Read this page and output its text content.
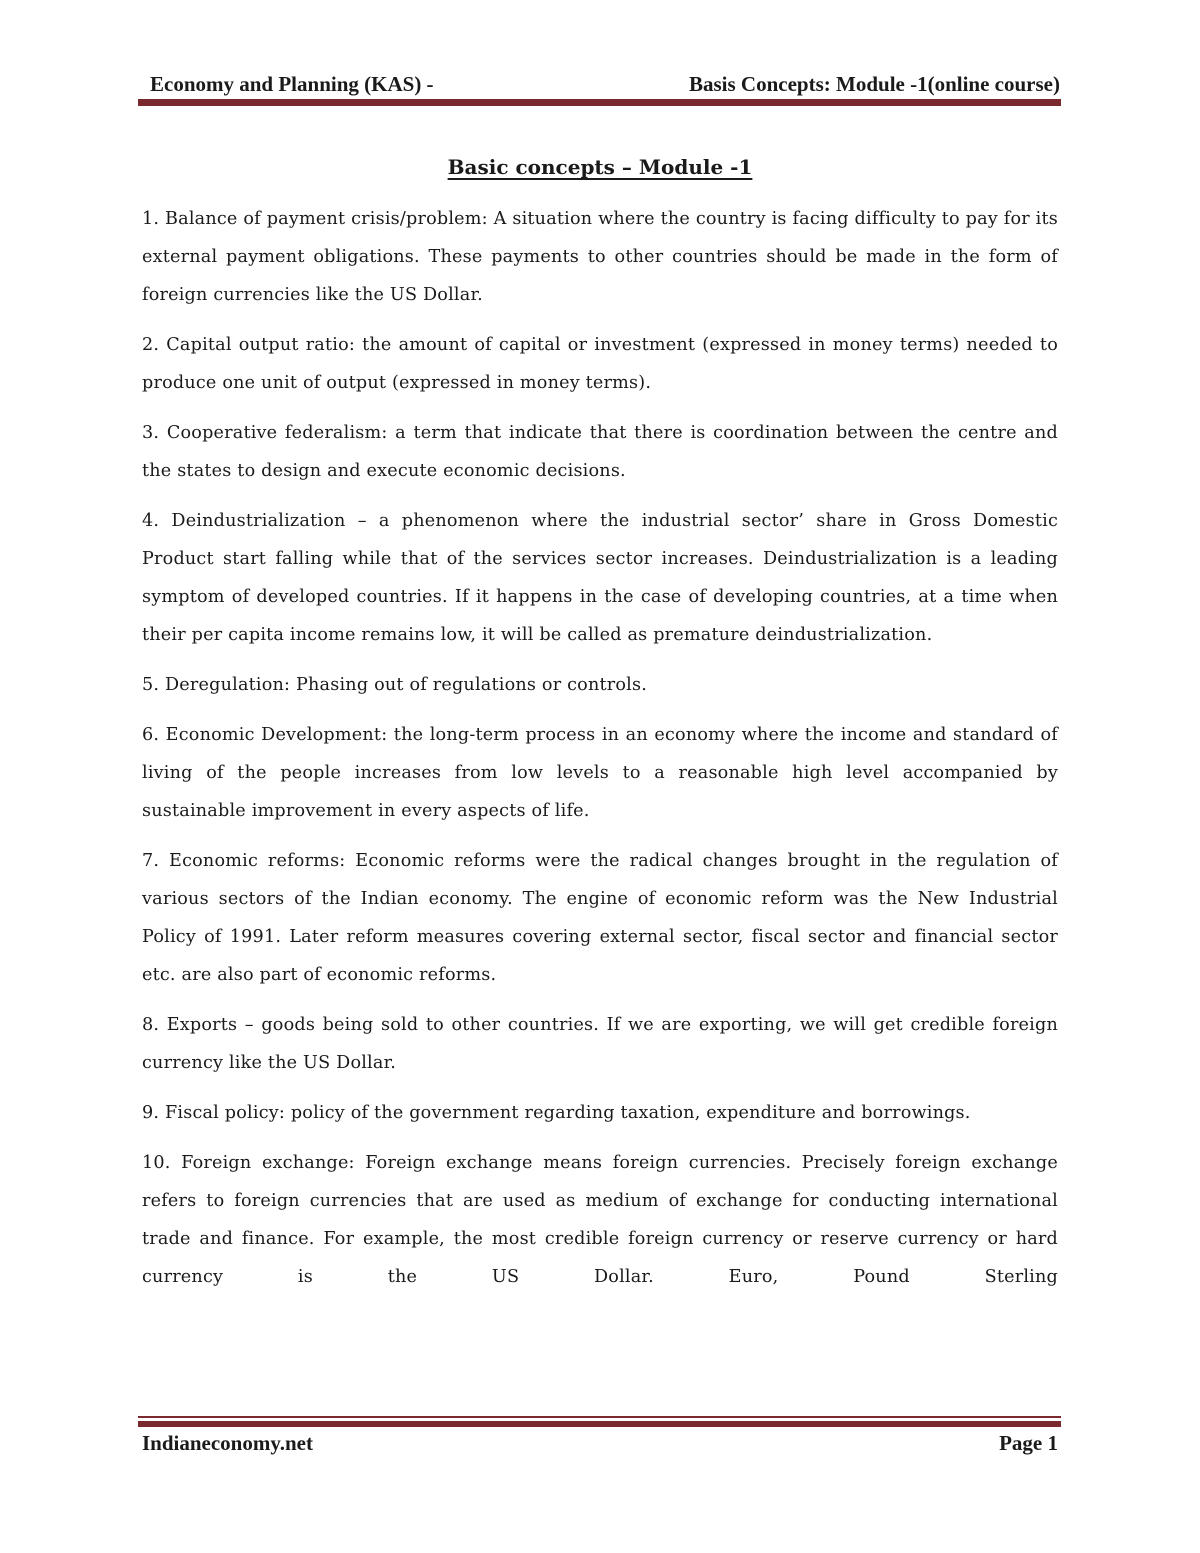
Economy and Planning (KAS) -	Basis Concepts: Module -1(online course)
Basic concepts – Module -1

1. Balance of payment crisis/problem: A situation where the country is facing difficulty to pay for its external payment obligations. These payments to other countries should be made in the form of foreign currencies like the US Dollar.

2. Capital output ratio: the amount of capital or investment (expressed in money terms) needed to produce one unit of output (expressed in money terms).

3. Cooperative federalism: a term that indicate that there is coordination between the centre and the states to design and execute economic decisions.

4. Deindustrialization – a phenomenon where the industrial sector’ share in Gross Domestic Product start falling while that of the services sector increases. Deindustrialization is a leading symptom of developed countries. If it happens in the case of developing countries, at a time when their per capita income remains low, it will be called as premature deindustrialization.

5. Deregulation: Phasing out of regulations or controls.

6. Economic Development: the long-term process in an economy where the income and standard of living of the people increases from low levels to a reasonable high level accompanied by sustainable improvement in every aspects of life.

7. Economic reforms: Economic reforms were the radical changes brought in the regulation of various sectors of the Indian economy. The engine of economic reform was the New Industrial Policy of 1991. Later reform measures covering external sector, fiscal sector and financial sector etc. are also part of economic reforms.

8. Exports – goods being sold to other countries. If we are exporting, we will get credible foreign currency like the US Dollar.

9. Fiscal policy: policy of the government regarding taxation, expenditure and borrowings.

10. Foreign exchange: Foreign exchange means foreign currencies. Precisely foreign exchange refers to foreign currencies that are used as medium of exchange for conducting international trade and finance. For example, the most credible foreign currency or reserve currency or hard currency is the US Dollar. Euro, Pound Sterling

Indianeconomy.net	Page 1
